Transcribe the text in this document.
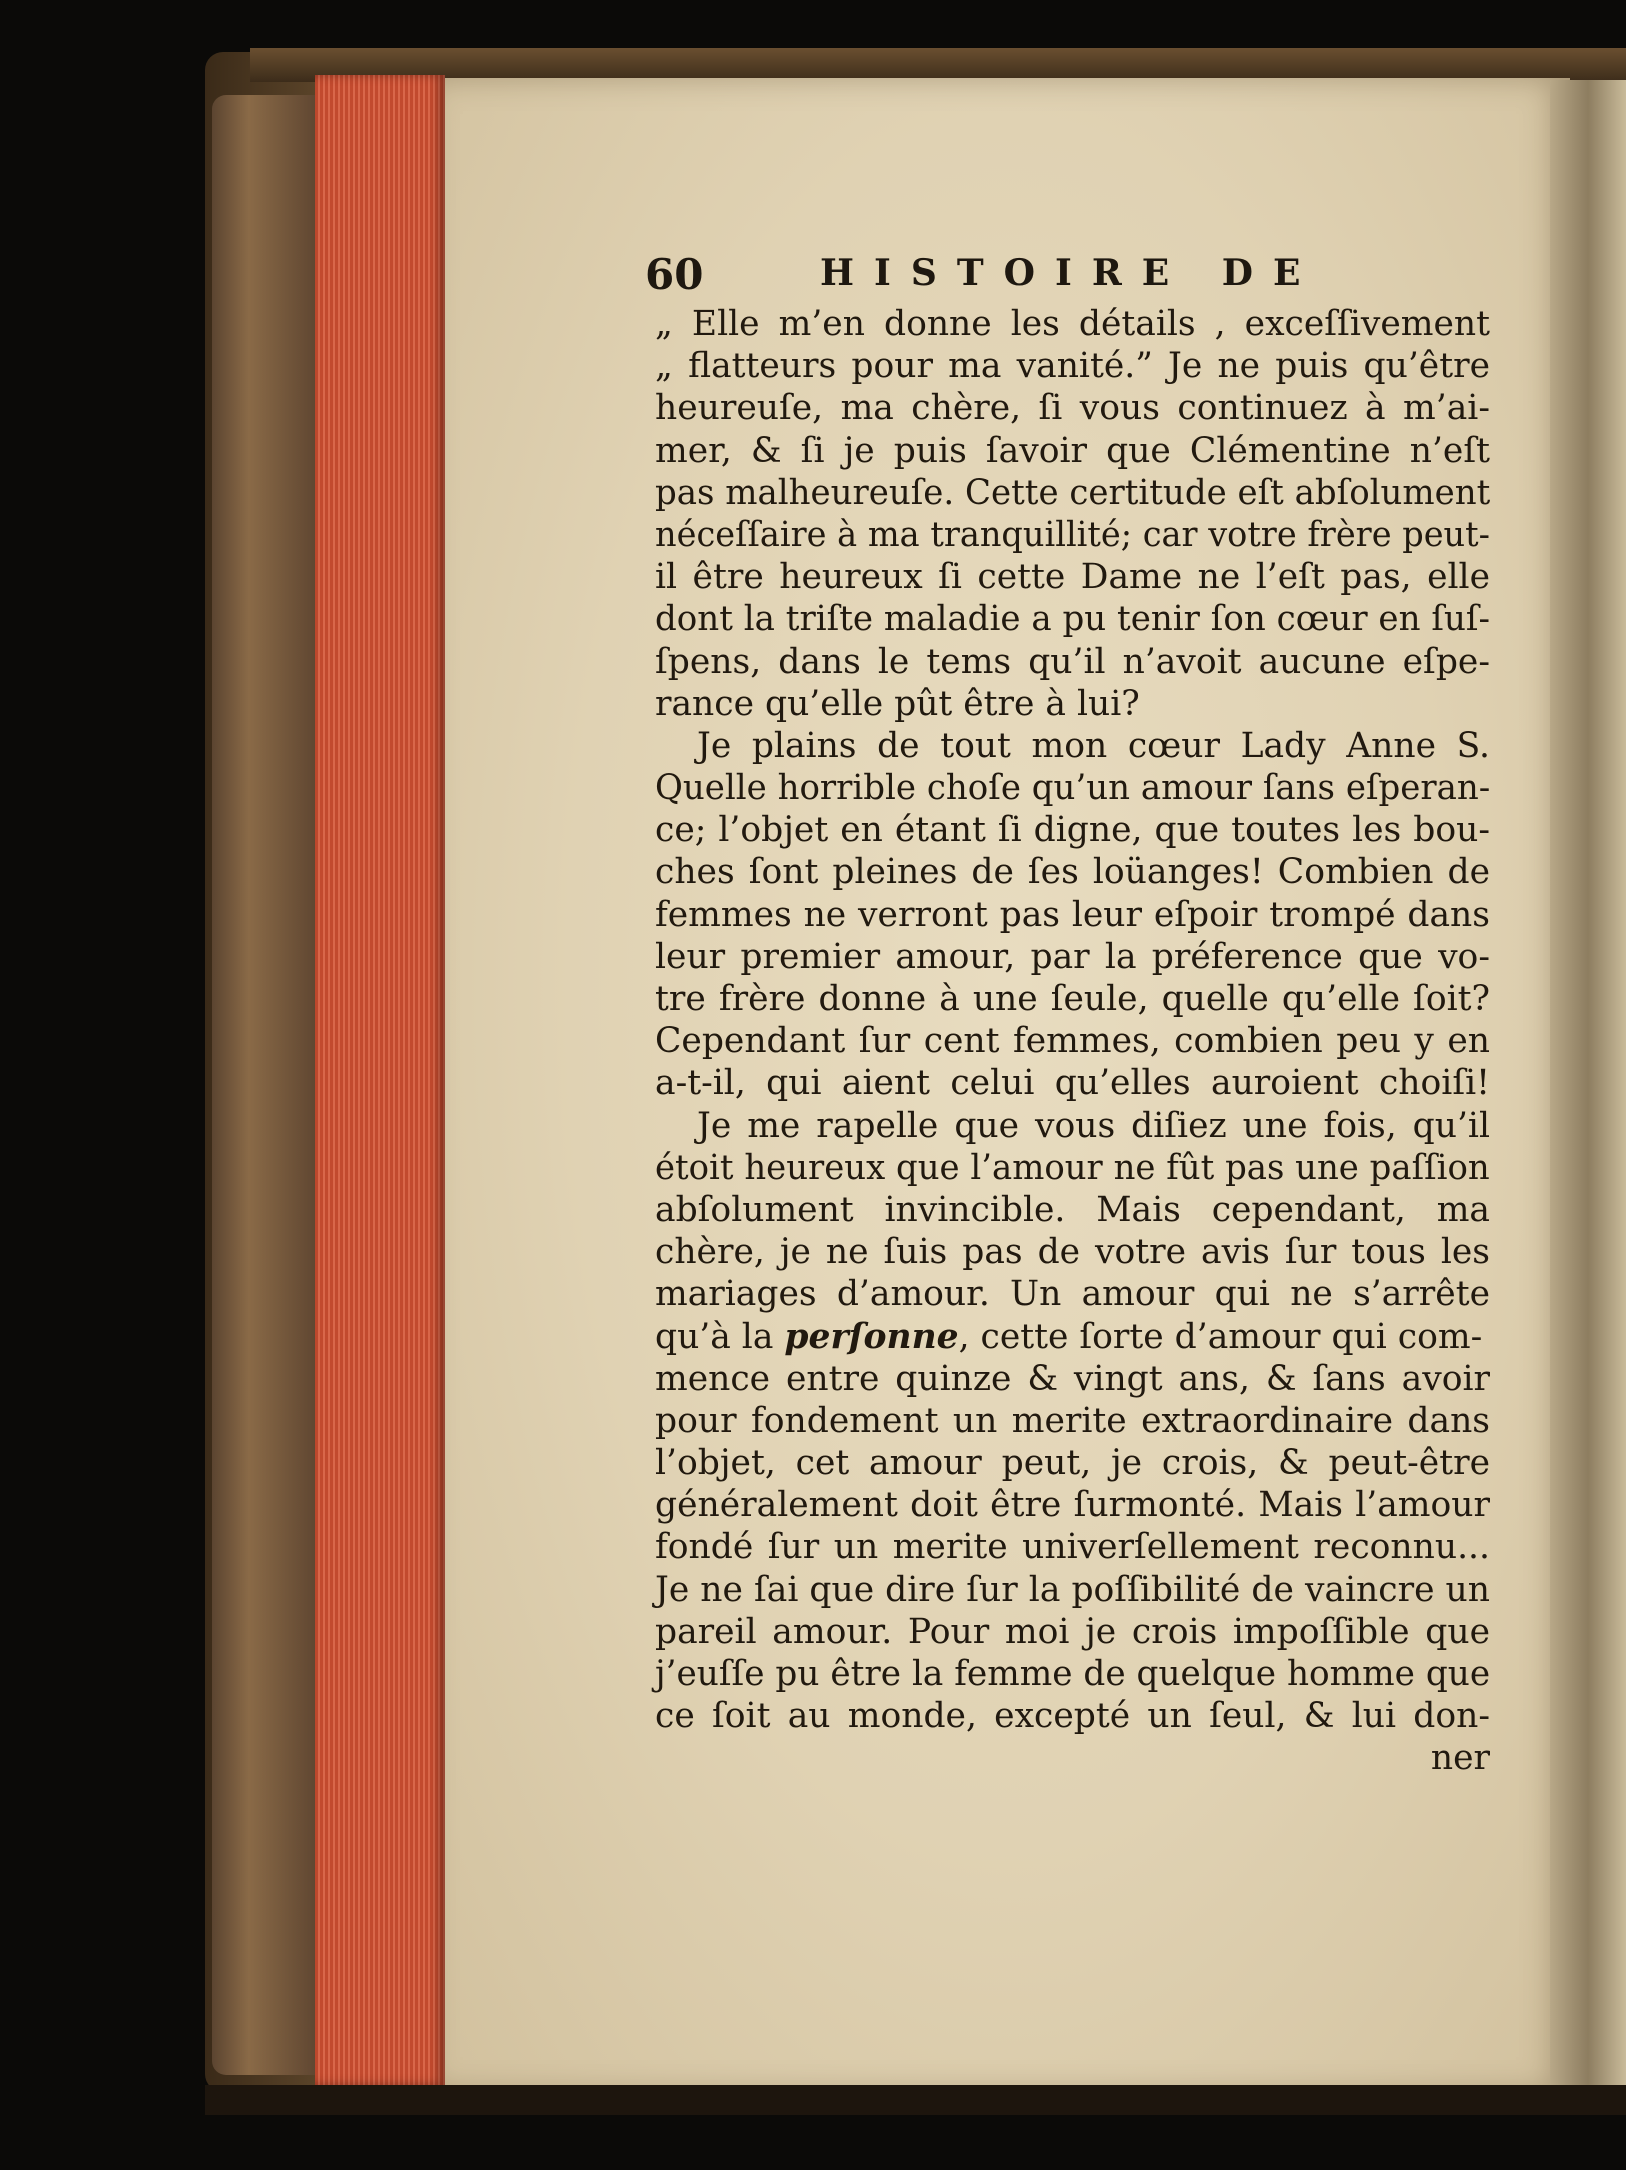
60	HISTOIRE DE
„ Elle m’en donne les détails , exceſſivement
„ flatteurs pour ma vanité.” Je ne puis qu’être
heureuſe, ma chère, ſi vous continuez à m’ai-
mer, & ſi je puis ſavoir que Clémentine n’eſt
pas malheureuſe. Cette certitude eſt abſolument
néceſſaire à ma tranquillité; car votre frère peut-
il être heureux ſi cette Dame ne l’eſt pas, elle
dont la triſte maladie a pu tenir ſon cœur en ſuſ-
ſpens, dans le tems qu’il n’avoit aucune eſpe-
rance qu’elle pût être à lui?
Je plains de tout mon cœur Lady Anne S.
Quelle horrible choſe qu’un amour ſans eſperan-
ce; l’objet en étant ſi digne, que toutes les bou-
ches ſont pleines de ſes loüanges! Combien de
femmes ne verront pas leur eſpoir trompé dans
leur premier amour, par la préference que vo-
tre frère donne à une ſeule, quelle qu’elle ſoit?
Cependant ſur cent femmes, combien peu y en
a-t-il, qui aient celui qu’elles auroient choiſi!
Je me rapelle que vous diſiez une fois, qu’il
étoit heureux que l’amour ne fût pas une paſſion
abſolument invincible. Mais cependant, ma
chère, je ne ſuis pas de votre avis ſur tous les
mariages d’amour. Un amour qui ne s’arrête
qu’à la perſonne, cette ſorte d’amour qui com-
mence entre quinze & vingt ans, & ſans avoir
pour fondement un merite extraordinaire dans
l’objet, cet amour peut, je crois, & peut-être
généralement doit être ſurmonté. Mais l’amour
fondé ſur un merite univerſellement reconnu...
Je ne ſai que dire ſur la poſſibilité de vaincre un
pareil amour. Pour moi je crois impoſſible que
j’euſſe pu être la femme de quelque homme que
ce ſoit au monde, excepté un ſeul, & lui don-
ner
